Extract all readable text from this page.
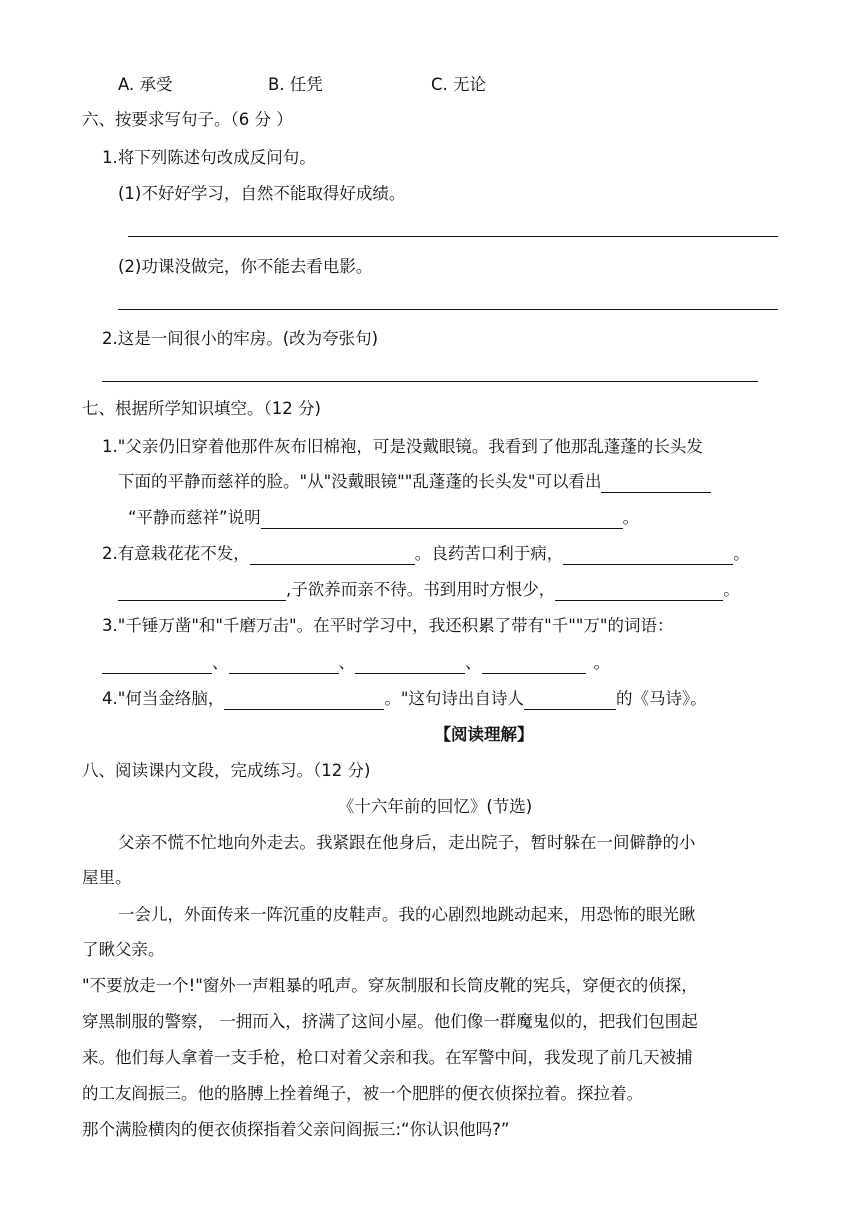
A. 承受	B. 任凭	C. 无论
六、按要求写句子。（6 分 ）
1.将下列陈述句改成反问句。
(1)不好好学习，自然不能取得好成绩。
(2)功课没做完，你不能去看电影。
2.这是一间很小的牢房。(改为夸张句)
七、根据所学知识填空。（12 分)
1."父亲仍旧穿着他那件灰布旧棉袍，可是没戴眼镜。我看到了他那乱蓬蓬的长头发
下面的平静而慈祥的脸。"从"没戴眼镜""乱蓬蓬的长头发"可以看出
“平静而慈祥”说明	。
2.有意栽花花不发，	。良药苦口利于病，	。
,子欲养而亲不待。书到用时方恨少，	。
3."千锤万凿"和"千磨万击"。在平时学习中，我还积累了带有"千""万"的词语：
、	、	、	。
4."何当金络脑，	。"这句诗出自诗人	的《马诗》。
【阅读理解】
八、阅读课内文段，完成练习。（12 分)
《十六年前的回忆》(节选)
父亲不慌不忙地向外走去。我紧跟在他身后，走出院子，暂时躲在一间僻静的小
屋里。
一会儿，外面传来一阵沉重的皮鞋声。我的心剧烈地跳动起来，用恐怖的眼光瞅
了瞅父亲。
"不要放走一个!"窗外一声粗暴的吼声。穿灰制服和长筒皮靴的宪兵，穿便衣的侦探，
穿黑制服的警察， 一拥而入，挤满了这间小屋。他们像一群魔鬼似的，把我们包围起
来。他们每人拿着一支手枪，枪口对着父亲和我。在军警中间，我发现了前几天被捕
的工友阎振三。他的胳膊上拴着绳子，被一个肥胖的便衣侦探拉着。探拉着。
那个满脸横肉的便衣侦探指着父亲问阎振三:“你认识他吗?”
